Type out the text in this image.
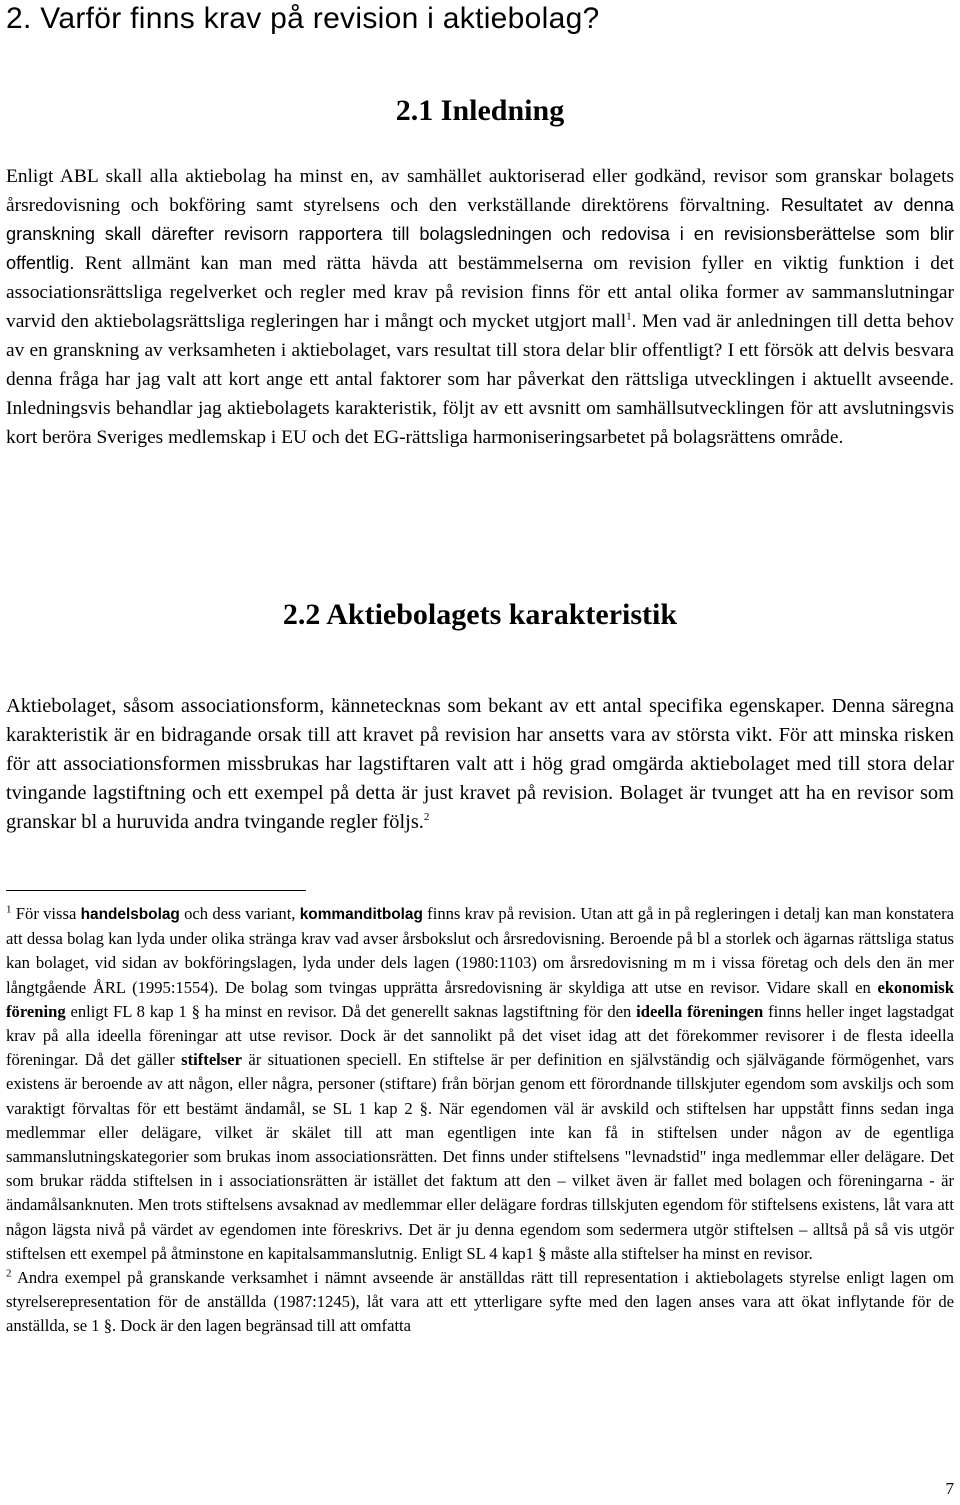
2. Varför finns krav på revision i aktiebolag?
2.1 Inledning

Enligt ABL skall alla aktiebolag ha minst en, av samhället auktoriserad eller godkänd, revisor som granskar bolagets årsredovisning och bokföring samt styrelsens och den verkställande direktörens förvaltning. Resultatet av denna granskning skall därefter revisorn rapportera till bolagsledningen och redovisa i en revisionsberättelse som blir offentlig. Rent allmänt kan man med rätta hävda att bestämmelserna om revision fyller en viktig funktion i det associationsrättsliga regelverket och regler med krav på revision finns för ett antal olika former av sammanslutningar varvid den aktiebolagsrättsliga regleringen har i mångt och mycket utgjort mall$^1$. Men vad är anledningen till detta behov av en granskning av verksamheten i aktiebolaget, vars resultat till stora delar blir offentligt? I ett försök att delvis besvara denna fråga har jag valt att kort ange ett antal faktorer som har påverkat den rättsliga utvecklingen i aktuellt avseende. Inledningsvis behandlar jag aktiebolagets karakteristik, följt av ett avsnitt om samhällsutvecklingen för att avslutningsvis kort beröra Sveriges medlemskap i EU och det EG-rättsliga harmoniseringsarbetet på bolagsrättens område.

2.2 Aktiebolagets karakteristik

Aktiebolaget, såsom associationsform, kännetecknas som bekant av ett antal specifika egenskaper. Denna säregna karakteristik är en bidragande orsak till att kravet på revision har ansetts vara av största vikt. För att minska risken för att associationsformen missbrukas har lagstiftaren valt att i hög grad omgärda aktiebolaget med till stora delar tvingande lagstiftning och ett exempel på detta är just kravet på revision. Bolaget är tvunget att ha en revisor som granskar bl a huruvida andra tvingande regler följs.$^2$

$^1$ För vissa handelsbolag och dess variant, kommanditbolag finns krav på revision. Utan att gå in på regleringen i detalj kan man konstatera att dessa bolag kan lyda under olika stränga krav vad avser årsbokslut och årsredovisning. Beroende på bl a storlek och ägarnas rättsliga status kan bolaget, vid sidan av bokföringslagen, lyda under dels lagen (1980:1103) om årsredovisning m m i vissa företag och dels den än mer långtgående ÅRL (1995:1554). De bolag som tvingas upprätta årsredovisning är skyldiga att utse en revisor. Vidare skall en ekonomisk förening enligt FL 8 kap 1 § ha minst en revisor. Då det generellt saknas lagstiftning för den ideella föreningen finns heller inget lagstadgat krav på alla ideella föreningar att utse revisor. Dock är det sannolikt på det viset idag att det förekommer revisorer i de flesta ideella föreningar. Då det gäller stiftelser är situationen speciell. En stiftelse är per definition en självständig och självägande förmögenhet, vars existens är beroende av att någon, eller några, personer (stiftare) från början genom ett förordnande tillskjuter egendom som avskiljs och som varaktigt förvaltas för ett bestämt ändamål, se SL 1 kap 2 §. När egendomen väl är avskild och stiftelsen har uppstått finns sedan inga medlemmar eller delägare, vilket är skälet till att man egentligen inte kan få in stiftelsen under någon av de egentliga sammanslutningskategorier som brukas inom associationsrätten. Det finns under stiftelsens "levnadstid" inga medlemmar eller delägare. Det som brukar rädda stiftelsen in i associationsrätten är istället det faktum att den – vilket även är fallet med bolagen och föreningarna - är ändamålsanknuten. Men trots stiftelsens avsaknad av medlemmar eller delägare fordras tillskjuten egendom för stiftelsens existens, låt vara att någon lägsta nivå på värdet av egendomen inte föreskrivs. Det är ju denna egendom som sedermera utgör stiftelsen – alltså på så vis utgör stiftelsen ett exempel på åtminstone en kapitalsammanslutnig. Enligt SL 4 kap1 § måste alla stiftelser ha minst en revisor.

$^2$ Andra exempel på granskande verksamhet i nämnt avseende är anställdas rätt till representation i aktiebolagets styrelse enligt lagen om styrelserepresentation för de anställda (1987:1245), låt vara att ett ytterligare syfte med den lagen anses vara att ökat inflytande för de anställda, se 1 §. Dock är den lagen begränsad till att omfatta

7
